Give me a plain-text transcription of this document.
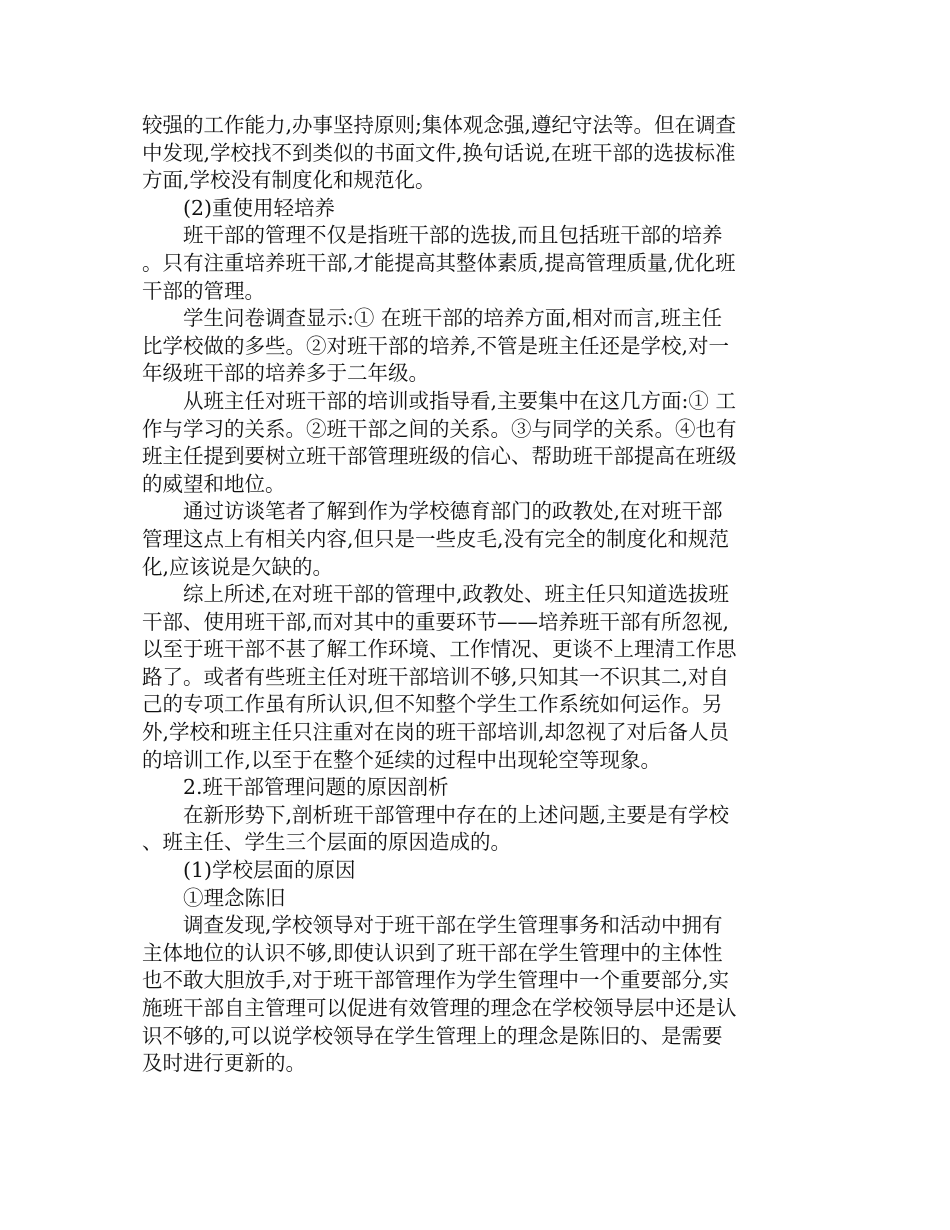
较强的工作能力,办事坚持原则;集体观念强,遵纪守法等。但在调查中发现,学校找不到类似的书面文件,换句话说,在班干部的选拔标准方面,学校没有制度化和规范化。

(2)重使用轻培养

班干部的管理不仅是指班干部的选拔,而且包括班干部的培养。只有注重培养班干部,才能提高其整体素质,提高管理质量,优化班干部的管理。

学生问卷调查显示:① 在班干部的培养方面,相对而言,班主任比学校做的多些。②对班干部的培养,不管是班主任还是学校,对一年级班干部的培养多于二年级。

从班主任对班干部的培训或指导看,主要集中在这几方面:① 工作与学习的关系。②班干部之间的关系。③与同学的关系。④也有班主任提到要树立班干部管理班级的信心、帮助班干部提高在班级的威望和地位。

通过访谈笔者了解到作为学校德育部门的政教处,在对班干部管理这点上有相关内容,但只是一些皮毛,没有完全的制度化和规范化,应该说是欠缺的。

综上所述,在对班干部的管理中,政教处、班主任只知道选拔班干部、使用班干部,而对其中的重要环节——培养班干部有所忽视,以至于班干部不甚了解工作环境、工作情况、更谈不上理清工作思路了。或者有些班主任对班干部培训不够,只知其一不识其二,对自己的专项工作虽有所认识,但不知整个学生工作系统如何运作。另外,学校和班主任只注重对在岗的班干部培训,却忽视了对后备人员的培训工作,以至于在整个延续的过程中出现轮空等现象。

2.班干部管理问题的原因剖析

在新形势下,剖析班干部管理中存在的上述问题,主要是有学校、班主任、学生三个层面的原因造成的。

(1)学校层面的原因

①理念陈旧

调查发现,学校领导对于班干部在学生管理事务和活动中拥有主体地位的认识不够,即使认识到了班干部在学生管理中的主体性也不敢大胆放手,对于班干部管理作为学生管理中一个重要部分,实施班干部自主管理可以促进有效管理的理念在学校领导层中还是认识不够的,可以说学校领导在学生管理上的理念是陈旧的、是需要及时进行更新的。
